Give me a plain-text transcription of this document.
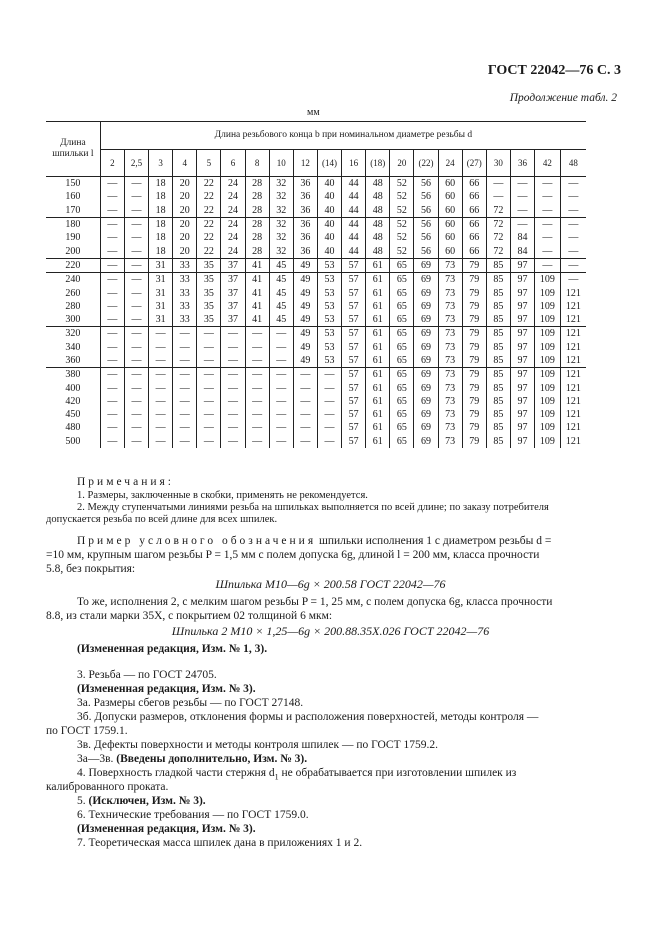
ГОСТ 22042—76 С. 3
Продолжение табл. 2
мм
Длина
шпильки l	Длина резьбового конца b при номинальном диаметре резьбы d																			
	2	2,5	3	4	5	6	8	10	12	(14)	16	(18)	20	(22)	24	(27)	30	36	42	48
150	—	—	18	20	22	24	28	32	36	40	44	48	52	56	60	66	—	—	—	—
160	—	—	18	20	22	24	28	32	36	40	44	48	52	56	60	66	—	—	—	—
170	—	—	18	20	22	24	28	32	36	40	44	48	52	56	60	66	72	—	—	—
180	—	—	18	20	22	24	28	32	36	40	44	48	52	56	60	66	72	—	—	—
190	—	—	18	20	22	24	28	32	36	40	44	48	52	56	60	66	72	84	—	—
200	—	—	18	20	22	24	28	32	36	40	44	48	52	56	60	66	72	84	—	—
220	—	—	31	33	35	37	41	45	49	53	57	61	65	69	73	79	85	97	—	—
240	—	—	31	33	35	37	41	45	49	53	57	61	65	69	73	79	85	97	109	—
260	—	—	31	33	35	37	41	45	49	53	57	61	65	69	73	79	85	97	109	121
280	—	—	31	33	35	37	41	45	49	53	57	61	65	69	73	79	85	97	109	121
300	—	—	31	33	35	37	41	45	49	53	57	61	65	69	73	79	85	97	109	121
320	—	—	—	—	—	—	—	—	49	53	57	61	65	69	73	79	85	97	109	121
340	—	—	—	—	—	—	—	—	49	53	57	61	65	69	73	79	85	97	109	121
360	—	—	—	—	—	—	—	—	49	53	57	61	65	69	73	79	85	97	109	121
380	—	—	—	—	—	—	—	—	—	—	57	61	65	69	73	79	85	97	109	121
400	—	—	—	—	—	—	—	—	—	—	57	61	65	69	73	79	85	97	109	121
420	—	—	—	—	—	—	—	—	—	—	57	61	65	69	73	79	85	97	109	121
450	—	—	—	—	—	—	—	—	—	—	57	61	65	69	73	79	85	97	109	121
480	—	—	—	—	—	—	—	—	—	—	57	61	65	69	73	79	85	97	109	121
500	—	—	—	—	—	—	—	—	—	—	57	61	65	69	73	79	85	97	109	121
Примечания:
1. Размеры, заключенные в скобки, применять не рекомендуется.
2. Между ступенчатыми линиями резьба на шпильках выполняется по всей длине; по заказу потребителя
допускается резьба по всей длине для всех шпилек.
Пример условного обозначения шпильки исполнения 1 с диаметром резьбы d =
=10 мм, крупным шагом резьбы P = 1,5 мм с полем допуска 6g, длиной l = 200 мм, класса прочности
5.8, без покрытия:
Шпилька М10—6g × 200.58 ГОСТ 22042—76
То же, исполнения 2, с мелким шагом резьбы P = 1, 25 мм, с полем допуска 6g, класса прочности
8.8, из стали марки 35Х, с покрытием 02 толщиной 6 мкм:
Шпилька 2 М10 × 1,25—6g × 200.88.35Х.026 ГОСТ 22042—76
(Измененная редакция, Изм. № 1, 3).
3. Резьба — по ГОСТ 24705.
(Измененная редакция, Изм. № 3).
3а. Размеры сбегов резьбы — по ГОСТ 27148.
3б. Допуски размеров, отклонения формы и расположения поверхностей, методы контроля —
по ГОСТ 1759.1.
3в. Дефекты поверхности и методы контроля шпилек — по ГОСТ 1759.2.
3а—3в. (Введены дополнительно, Изм. № 3).
4. Поверхность гладкой части стержня $d_1$ не обрабатывается при изготовлении шпилек из
калиброванного проката.
5. (Исключен, Изм. № 3).
6. Технические требования — по ГОСТ 1759.0.
(Измененная редакция, Изм. № 3).
7. Теоретическая масса шпилек дана в приложениях 1 и 2.
